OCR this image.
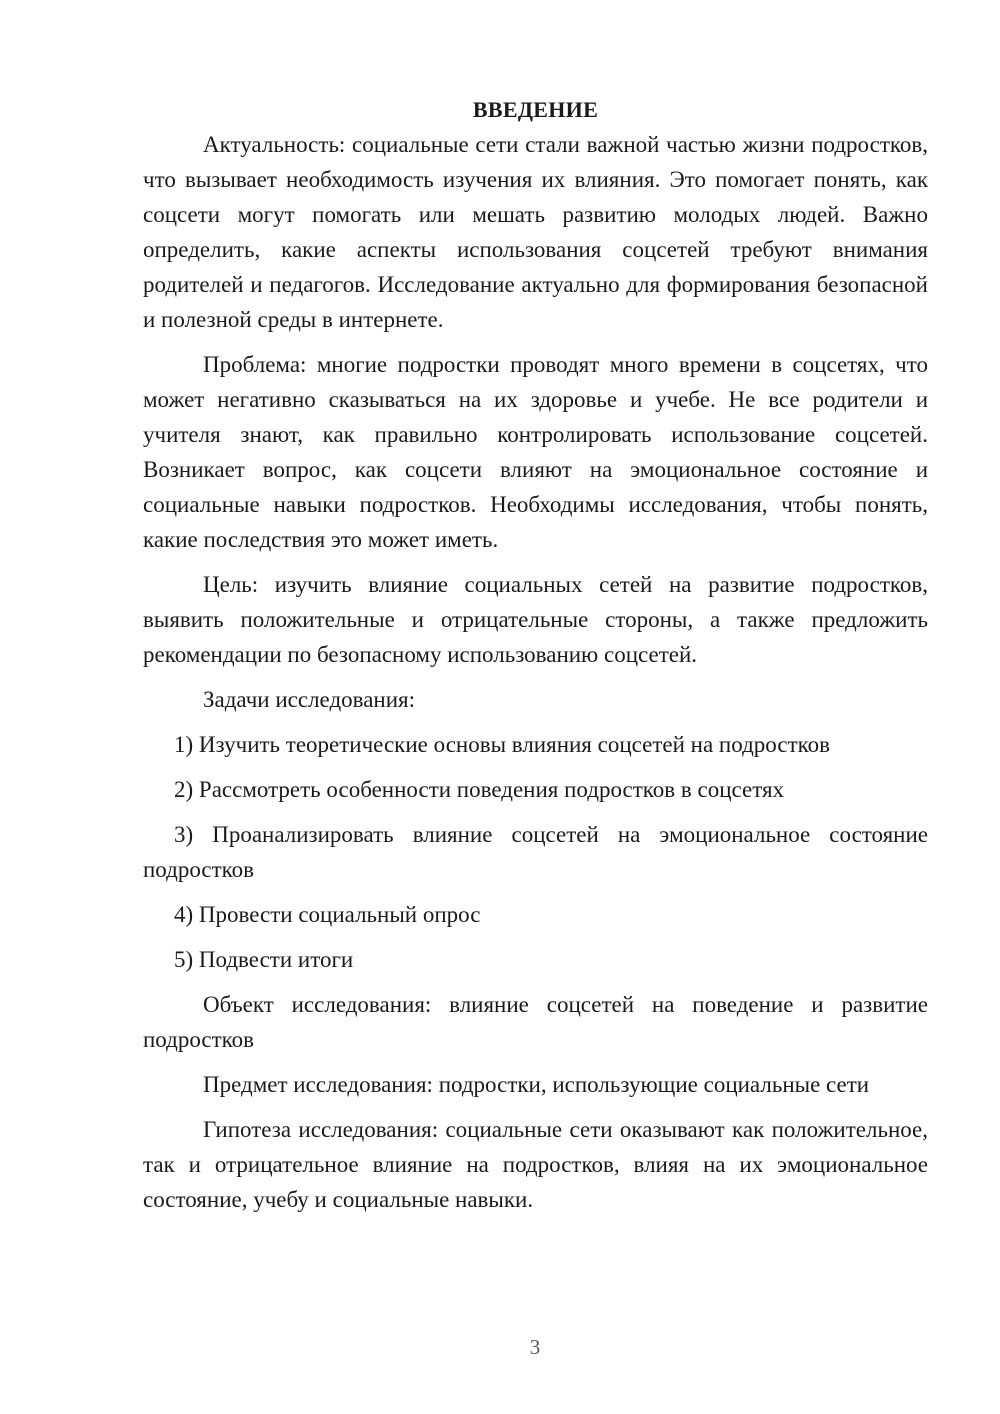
ВВЕДЕНИЕ

Актуальность: социальные сети стали важной частью жизни подростков, что вызывает необходимость изучения их влияния. Это помогает понять, как соцсети могут помогать или мешать развитию молодых людей. Важно определить, какие аспекты использования соцсетей требуют внимания родителей и педагогов. Исследование актуально для формирования безопасной и полезной среды в интернете.

Проблема: многие подростки проводят много времени в соцсетях, что может негативно сказываться на их здоровье и учебе. Не все родители и учителя знают, как правильно контролировать использование соцсетей. Возникает вопрос, как соцсети влияют на эмоциональное состояние и социальные навыки подростков. Необходимы исследования, чтобы понять, какие последствия это может иметь.

Цель: изучить влияние социальных сетей на развитие подростков, выявить положительные и отрицательные стороны, а также предложить рекомендации по безопасному использованию соцсетей.

Задачи исследования:

1) Изучить теоретические основы влияния соцсетей на подростков

2) Рассмотреть особенности поведения подростков в соцсетях

3) Проанализировать влияние соцсетей на эмоциональное состояние подростков

4) Провести социальный опрос

5) Подвести итоги

Объект исследования: влияние соцсетей на поведение и развитие подростков

Предмет исследования: подростки, использующие социальные сети

Гипотеза исследования: социальные сети оказывают как положительное, так и отрицательное влияние на подростков, влияя на их эмоциональное состояние, учебу и социальные навыки.

3
